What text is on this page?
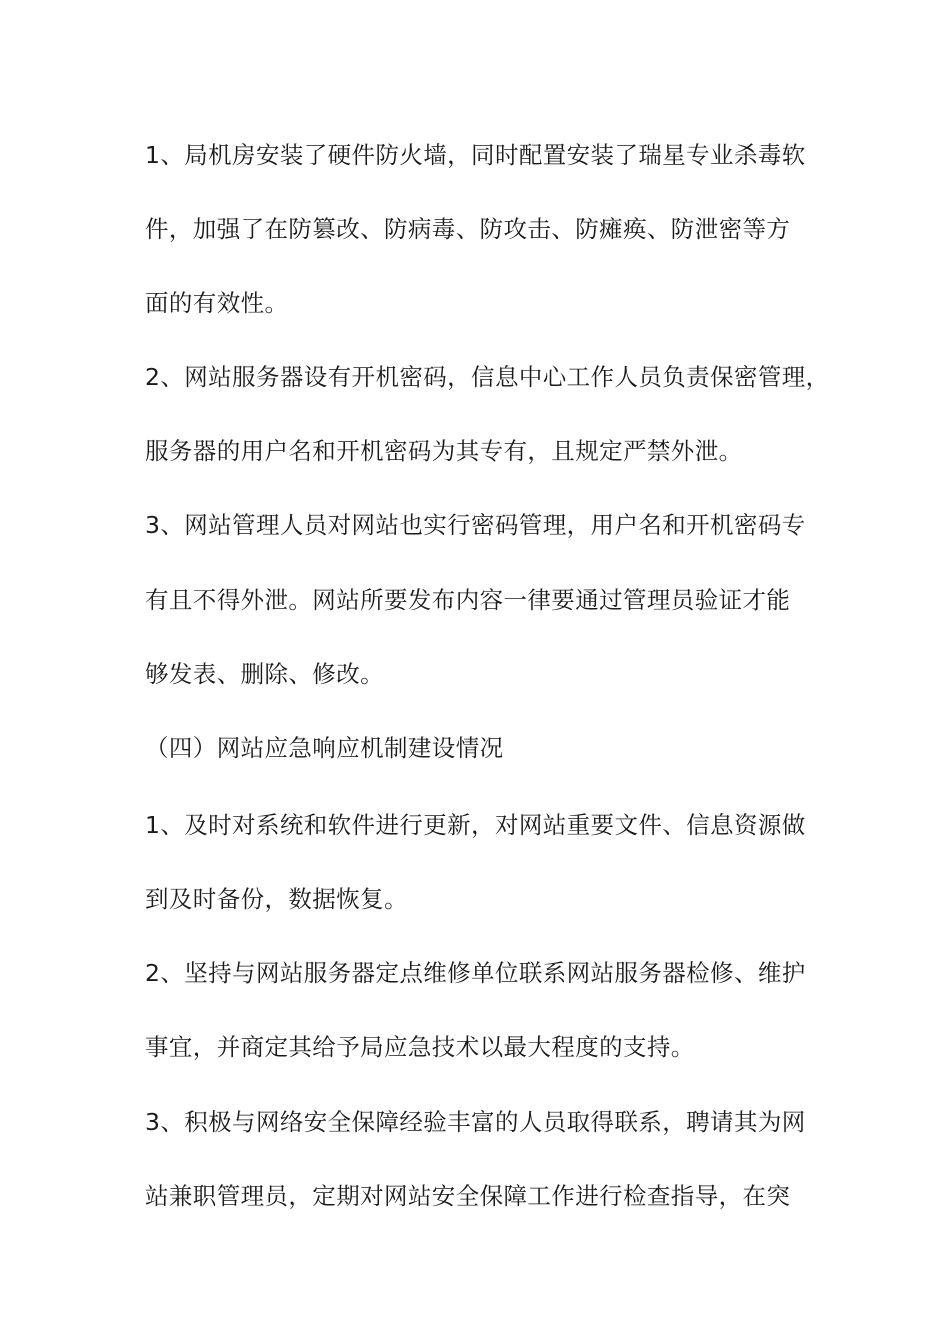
1、局机房安装了硬件防火墙，同时配置安装了瑞星专业杀毒软
件，加强了在防篡改、防病毒、防攻击、防瘫痪、防泄密等方
面的有效性。
2、网站服务器设有开机密码，信息中心工作人员负责保密管理，
服务器的用户名和开机密码为其专有，且规定严禁外泄。
3、网站管理人员对网站也实行密码管理，用户名和开机密码专
有且不得外泄。网站所要发布内容一律要通过管理员验证才能
够发表、删除、修改。
（四）网站应急响应机制建设情况
1、及时对系统和软件进行更新，对网站重要文件、信息资源做
到及时备份，数据恢复。
2、坚持与网站服务器定点维修单位联系网站服务器检修、维护
事宜，并商定其给予局应急技术以最大程度的支持。
3、积极与网络安全保障经验丰富的人员取得联系，聘请其为网
站兼职管理员，定期对网站安全保障工作进行检查指导，在突
